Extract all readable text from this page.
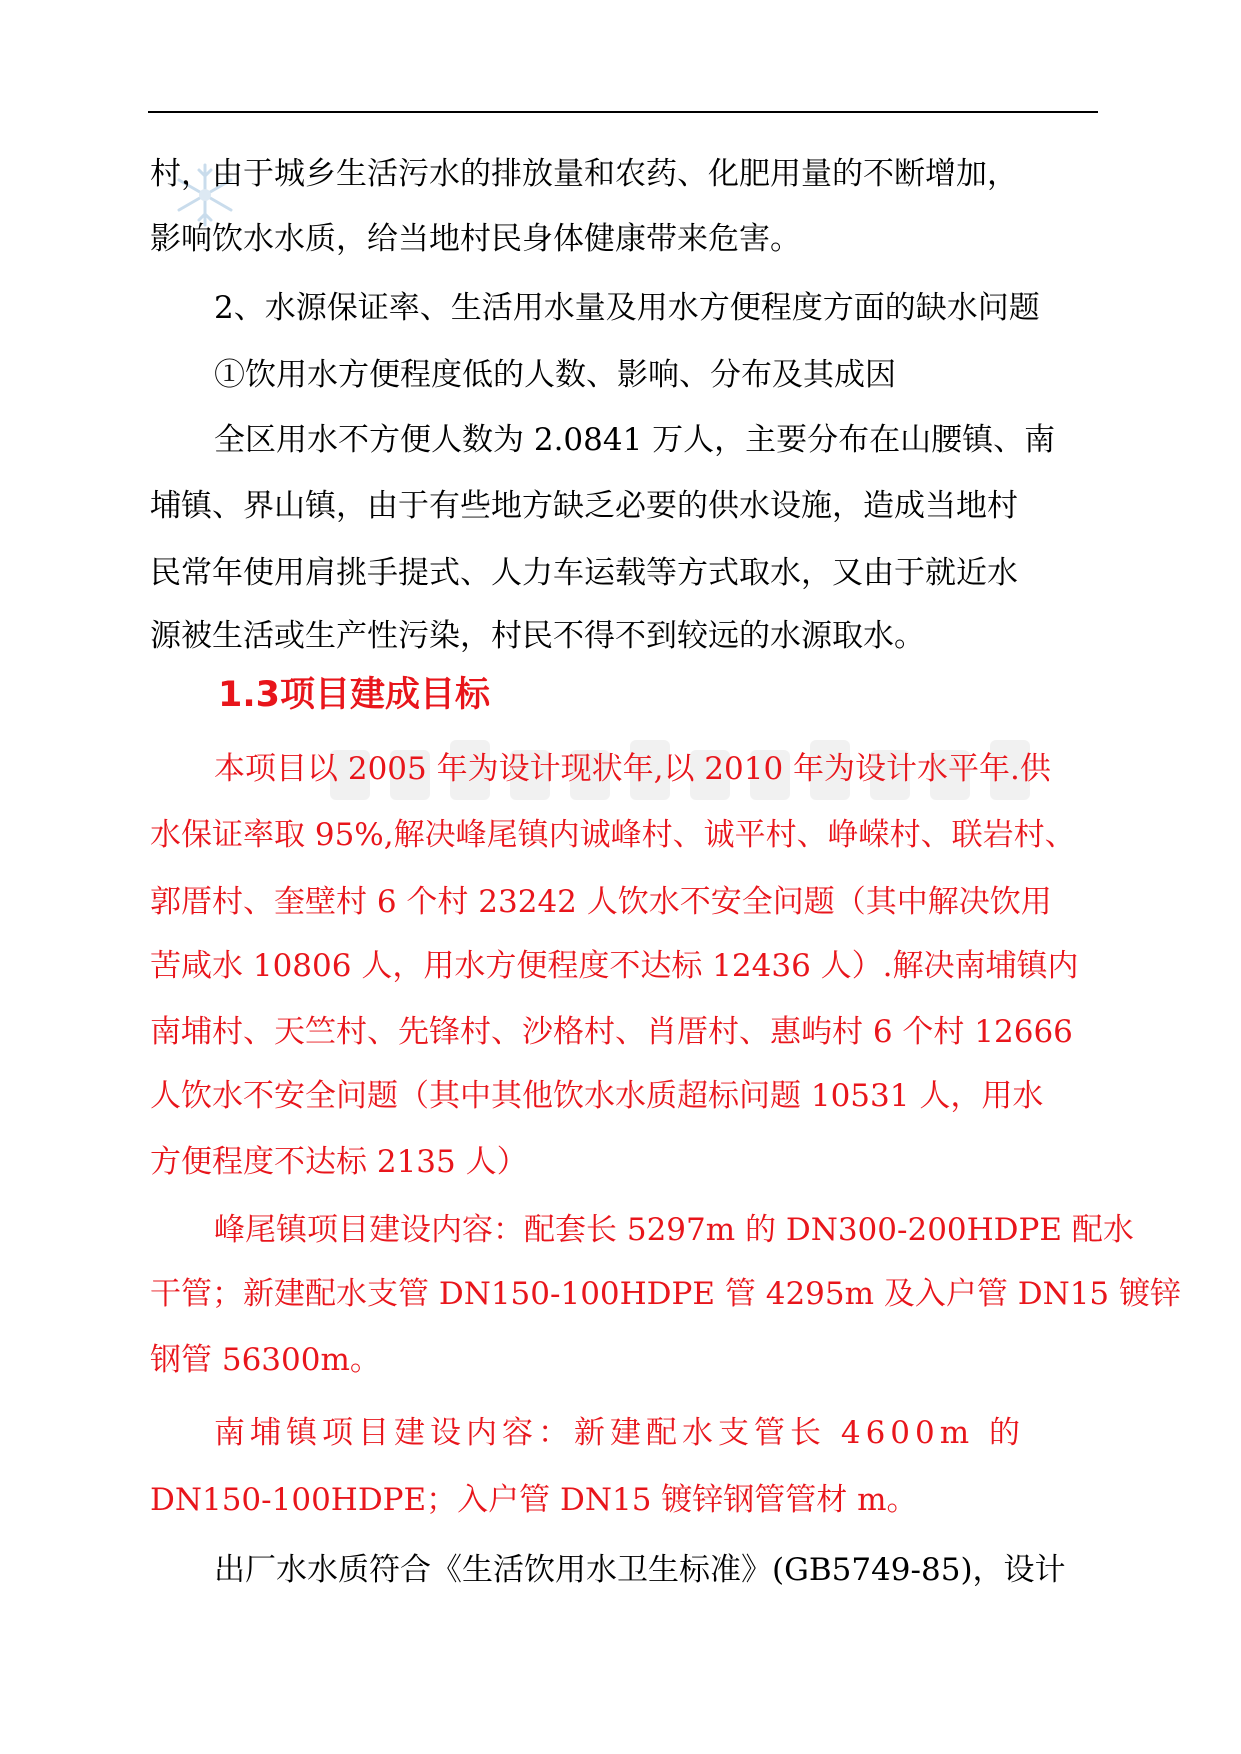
村，由于城乡生活污水的排放量和农药、化肥用量的不断增加，
影响饮水水质，给当地村民身体健康带来危害。
2、水源保证率、生活用水量及用水方便程度方面的缺水问题
①饮用水方便程度低的人数、影响、分布及其成因
全区用水不方便人数为 2.0841 万人，主要分布在山腰镇、南
埔镇、界山镇，由于有些地方缺乏必要的供水设施，造成当地村
民常年使用肩挑手提式、人力车运载等方式取水，又由于就近水
源被生活或生产性污染，村民不得不到较远的水源取水。
1.3项目建成目标
本项目以 2005 年为设计现状年,以 2010 年为设计水平年.供
水保证率取 95%,解决峰尾镇内诚峰村、诚平村、峥嵘村、联岩村、
郭厝村、奎壁村 6 个村 23242 人饮水不安全问题（其中解决饮用
苦咸水 10806 人，用水方便程度不达标 12436 人）.解决南埔镇内
南埔村、天竺村、先锋村、沙格村、肖厝村、惠屿村 6 个村 12666
人饮水不安全问题（其中其他饮水水质超标问题 10531 人，用水
方便程度不达标 2135 人）
峰尾镇项目建设内容：配套长 5297m 的 DN300-200HDPE 配水
干管；新建配水支管 DN150-100HDPE 管 4295m 及入户管 DN15 镀锌
钢管 56300m。
南埔镇项目建设内容：新建配水支管长 4600m 的
DN150-100HDPE；入户管 DN15 镀锌钢管管材 m。
出厂水水质符合《生活饮用水卫生标准》(GB5749-85)，设计
